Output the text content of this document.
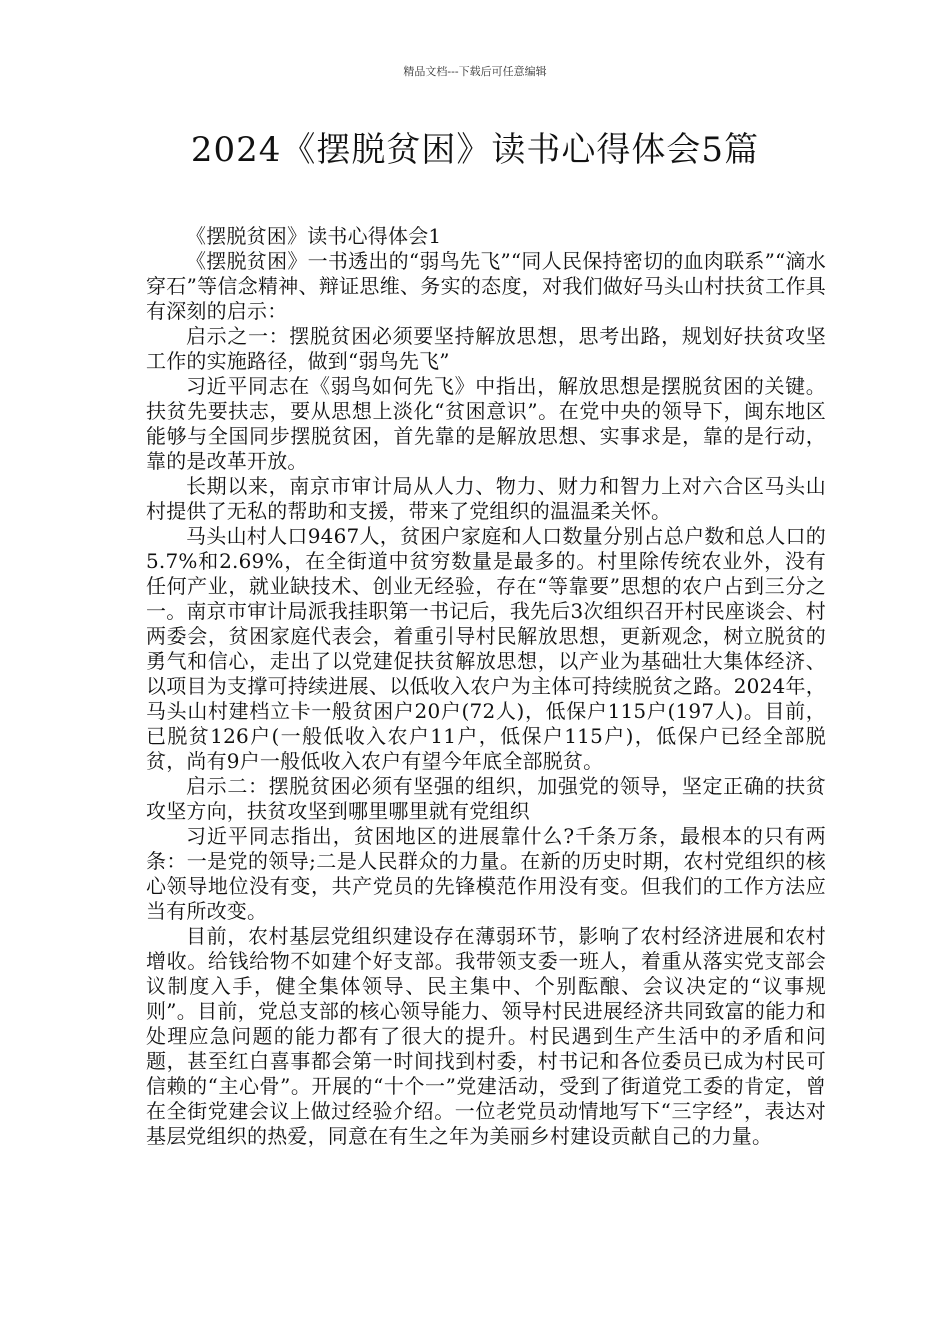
精品文档---下载后可任意编辑
2024《摆脱贫困》读书心得体会5篇

《摆脱贫困》读书心得体会1

《摆脱贫困》一书透出的“弱鸟先飞”“同人民保持密切的血肉联系”“滴水穿石”等信念精神、辩证思维、务实的态度，对我们做好马头山村扶贫工作具有深刻的启示：

启示之一：摆脱贫困必须要坚持解放思想，思考出路，规划好扶贫攻坚工作的实施路径，做到“弱鸟先飞”

习近平同志在《弱鸟如何先飞》中指出，解放思想是摆脱贫困的关键。扶贫先要扶志，要从思想上淡化“贫困意识”。在党中央的领导下，闽东地区能够与全国同步摆脱贫困，首先靠的是解放思想、实事求是，靠的是行动，靠的是改革开放。

长期以来，南京市审计局从人力、物力、财力和智力上对六合区马头山村提供了无私的帮助和支援，带来了党组织的温温柔关怀。

马头山村人口9467人，贫困户家庭和人口数量分别占总户数和总人口的5.7%和2.69%，在全街道中贫穷数量是最多的。村里除传统农业外，没有任何产业，就业缺技术、创业无经验，存在“等靠要”思想的农户占到三分之一。南京市审计局派我挂职第一书记后，我先后3次组织召开村民座谈会、村两委会，贫困家庭代表会，着重引导村民解放思想，更新观念，树立脱贫的勇气和信心，走出了以党建促扶贫解放思想，以产业为基础壮大集体经济、以项目为支撑可持续进展、以低收入农户为主体可持续脱贫之路。2024年，马头山村建档立卡一般贫困户20户(72人)，低保户115户(197人)。目前，已脱贫126户(一般低收入农户11户，低保户115户)，低保户已经全部脱贫，尚有9户一般低收入农户有望今年底全部脱贫。

启示二：摆脱贫困必须有坚强的组织，加强党的领导，坚定正确的扶贫攻坚方向，扶贫攻坚到哪里哪里就有党组织

习近平同志指出，贫困地区的进展靠什么?千条万条，最根本的只有两条：一是党的领导;二是人民群众的力量。在新的历史时期，农村党组织的核心领导地位没有变，共产党员的先锋模范作用没有变。但我们的工作方法应当有所改变。

目前，农村基层党组织建设存在薄弱环节，影响了农村经济进展和农村增收。给钱给物不如建个好支部。我带领支委一班人，着重从落实党支部会议制度入手，健全集体领导、民主集中、个别酝酿、会议决定的“议事规则”。目前，党总支部的核心领导能力、领导村民进展经济共同致富的能力和处理应急问题的能力都有了很大的提升。村民遇到生产生活中的矛盾和问题，甚至红白喜事都会第一时间找到村委，村书记和各位委员已成为村民可信赖的“主心骨”。开展的“十个一”党建活动，受到了街道党工委的肯定，曾在全街党建会议上做过经验介绍。一位老党员动情地写下“三字经”，表达对基层党组织的热爱，同意在有生之年为美丽乡村建设贡献自己的力量。
